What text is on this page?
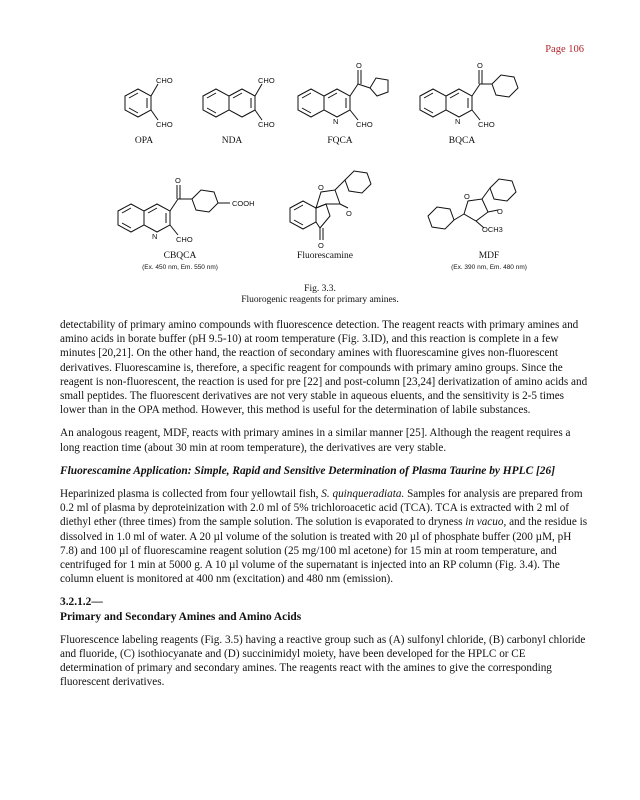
Page 106
CHO
CHO
OPA
CHO
CHO
NDA
N
O
CHO
FQCA
N
O
CHO
BQCA
N
O
COOH
CHO
CBQCA
(Ex. 450 nm, Em. 550 nm)
O
O
O
Fluorescamine
O
O
OCH3
MDF
(Ex. 390 nm, Em. 480 nm)
Fig. 3.3.
Fluorogenic reagents for primary amines.

detectability of primary amino compounds with fluorescence detection. The reagent reacts with primary amines and amino acids in borate buffer (pH 9.5-10) at room temperature (Fig. 3.ID), and this reaction is complete in a few minutes [20,21]. On the other hand, the reaction of secondary amines with fluorescamine gives non-fluorescent derivatives. Fluorescamine is, therefore, a specific reagent for compounds with primary amino groups. Since the reagent is non-fluorescent, the reaction is used for pre [22] and post-column [23,24] derivatization of amino acids and small peptides. The fluorescent derivatives are not very stable in aqueous eluents, and the sensitivity is 2-5 times lower than in the OPA method. However, this method is useful for the determination of labile substances.

An analogous reagent, MDF, reacts with primary amines in a similar manner [25]. Although the reagent requires a long reaction time (about 30 min at room temperature), the derivatives are very stable.

Fluorescamine Application: Simple, Rapid and Sensitive Determination of Plasma Taurine by HPLC [26]

Heparinized plasma is collected from four yellowtail fish, S. quinqueradiata. Samples for analysis are prepared from 0.2 ml of plasma by deproteinization with 2.0 ml of 5% trichloroacetic acid (TCA). TCA is extracted with 2 ml of diethyl ether (three times) from the sample solution. The solution is evaporated to dryness in vacuo, and the residue is dissolved in 1.0 ml of water. A 20 µl volume of the solution is treated with 20 µl of phosphate buffer (200 µM, pH 7.8) and 100 µl of fluorescamine reagent solution (25 mg/100 ml acetone) for 15 min at room temperature, and centrifuged for 1 min at 5000 g. A 10 µl volume of the supernatant is injected into an RP column (Fig. 3.4). The column eluent is monitored at 400 nm (excitation) and 480 nm (emission).

3.2.1.2—
Primary and Secondary Amines and Amino Acids

Fluorescence labeling reagents (Fig. 3.5) having a reactive group such as (A) sulfonyl chloride, (B) carbonyl chloride and fluoride, (C) isothiocyanate and (D) succinimidyl moiety, have been developed for the HPLC or CE determination of primary and secondary amines. The reagents react with the amines to give the corresponding fluorescent derivatives.
